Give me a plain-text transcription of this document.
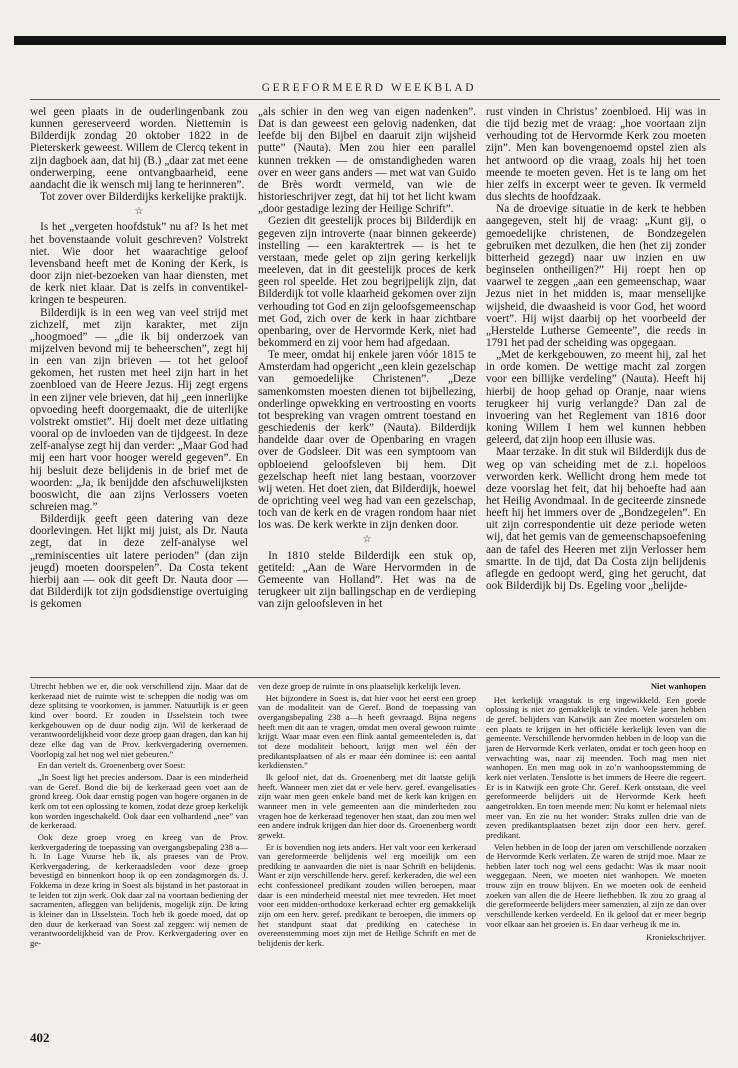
GEREFORMEERD WEEKBLAD

wel geen plaats in de ouderlingenbank zou kunnen gereserveerd worden. Niettemin is Bilderdijk zondag 20 oktober 1822 in de Pieterskerk geweest. Willem de Clercq tekent in zijn dagboek aan, dat hij (B.) „daar zat met eene onderwerping, eene ontvangbaarheid, eene aandacht die ik wensch mij lang te herinneren”.

Tot zover over Bilderdijks kerkelijke praktijk.

☆

Is het „vergeten hoofdstuk” nu af? Is het met het bovenstaande voluit geschreven? Volstrekt niet. Wie door het waarachtige geloof levensband heeft met de Koning der Kerk, is door zijn niet-bezoeken van haar diensten, met de kerk niet klaar. Dat is zelfs in conventikel-kringen te bespeuren.

Bilderdijk is in een weg van veel strijd met zichzelf, met zijn karakter, met zijn „hoogmoed” — „die ik bij onderzoek van mijzelven bevond mij te beheerschen”, zegt hij in een van zijn brieven — tot het geloof gekomen, het rusten met heel zijn hart in het zoenbloed van de Heere Jezus. Hij zegt ergens in een zijner vele brieven, dat hij „een innerlijke opvoeding heeft doorgemaakt, die de uiterlijke volstrekt omstiet”. Hij doelt met deze uitlating vooral op de invloeden van de tijdgeest. In deze zelf-analyse zegt hij dan verder: „Maar God had mij een hart voor hooger wereld gegeven”. En hij besluit deze belijdenis in de brief met de woorden: „Ja, ik benijdde den afschuwelijksten booswicht, die aan zijns Verlossers voeten schreien mag.”

Bilderdijk geeft geen datering van deze doorlevingen. Het lijkt mij juist, als Dr. Nauta zegt, dat in deze zelf-analyse wel „reminiscenties uit latere perioden” (dan zijn jeugd) moeten doorspelen”. Da Costa tekent hierbij aan — ook dit geeft Dr. Nauta door — dat Bilderdijk tot zijn godsdienstige overtuiging is gekomen

„als schier in den weg van eigen nadenken”. Dat is dan geweest een gelovig nadenken, dat leefde bij den Bijbel en daaruit zijn wijsheid putte” (Nauta). Men zou hier een parallel kunnen trekken — de omstandigheden waren over en weer gans anders — met wat van Guido de Brès wordt vermeld, van wie de historieschrijver zegt, dat hij tot het licht kwam „door gestadige lezing der Heilige Schrift”.

Gezien dit geestelijk proces bij Bilderdijk en gegeven zijn introverte (naar binnen gekeerde) instelling — een karaktertrek — is het te verstaan, mede gelet op zijn gering kerkelijk meeleven, dat in dit geestelijk proces de kerk geen rol speelde. Het zou begrijpelijk zijn, dat Bilderdijk tot volle klaarheid gekomen over zijn verhouding tot God en zijn geloofsgemeenschap met God, zich over de kerk in haar zichtbare openbaring, over de Hervormde Kerk, niet had bekommerd en zij voor hem had afgedaan.

Te meer, omdat hij enkele jaren vóór 1815 te Amsterdam had opgericht „een klein gezelschap van gemoedelijke Christenen”. „Deze samenkomsten moesten dienen tot bijbellezing, onderlinge opwekking en vertroosting en voorts tot bespreking van vragen omtrent toestand en geschiedenis der kerk” (Nauta). Bilderdijk handelde daar over de Openbaring en vragen over de Godsleer. Dit was een symptoom van opbloeiend geloofsleven bij hem. Dit gezelschap heeft niet lang bestaan, voorzover wij weten. Het doet zien, dat Bilderdijk, hoewel de oprichting veel weg had van een gezelschap, toch van de kerk en de vragen rondom haar niet los was. De kerk werkte in zijn denken door.

☆

In 1810 stelde Bilderdijk een stuk op, getiteld: „Aan de Ware Hervormden in de Gemeente van Holland”. Het was na de terugkeer uit zijn ballingschap en de verdieping van zijn geloofsleven in het

rust vinden in Christus’ zoenbloed. Hij was in die tijd bezig met de vraag: „hoe voortaan zijn verhouding tot de Hervormde Kerk zou moeten zijn”. Men kan bovengenoemd opstel zien als het antwoord op die vraag, zoals hij het toen meende te moeten geven. Het is te lang om het hier zelfs in excerpt weer te geven. Ik vermeld dus slechts de hoofdzaak.

Na de droevige situatie in de kerk te hebben aangegeven, stelt hij de vraag: „Kunt gij, o gemoedelijke christenen, de Bondzegelen gebruiken met dezulken, die hen (het zij zonder bitterheid gezegd) naar uw inzien en uw beginselen ontheiligen?” Hij roept hen op vaarwel te zeggen „aan een gemeenschap, waar Jezus niet in het midden is, maar menselijke wijsheid, die dwaasheid is voor God, het woord voert”. Hij wijst daarbij op het voorbeeld der „Herstelde Lutherse Gemeente”, die reeds in 1791 het pad der scheiding was opgegaan.

„Met de kerkgebouwen, zo meent hij, zal het in orde komen. De wettige macht zal zorgen voor een billijke verdeling” (Nauta). Heeft hij hierbij de hoop gehad op Oranje, naar wiens terugkeer hij vurig verlangde? Dan zal de invoering van het Reglement van 1816 door koning Willem I hem wel kunnen hebben geleerd, dat zijn hoop een illusie was.

Maar terzake. In dit stuk wil Bilderdijk dus de weg op van scheiding met de z.i. hopeloos verworden kerk. Wellicht drong hem mede tot deze voorslag het feit, dat hij behoefte had aan het Heilig Avondmaal. In de geciteerde zinsnede heeft hij het immers over de „Bondzegelen”. En uit zijn correspondentie uit deze periode weten wij, dat het gemis van de gemeenschapsoefening aan de tafel des Heeren met zijn Verlosser hem smartte. In de tijd, dat Da Costa zijn belijdenis aflegde en gedoopt werd, ging het gerucht, dat ook Bilderdijk bij Ds. Egeling voor „belijde-

Utrecht hebben we er, die ook verschillend zijn. Maar dat de kerkeraad niet de ruimte wist te scheppen die nodig was om deze splitsing te voorkomen, is jammer. Natuurlijk is er geen kind over boord. Er zouden in IJsselstein toch twee kerkgebouwen op de duur nodig zijn. Wil de kerkeraad de verantwoordelijkheid voor deze groep gaan dragen, dan kan hij deze elke dag van de Prov. kerkvergadering overnemen. Voorlopig zal het nog wel niet gebeuren.”

En dan vertelt ds. Groenenberg over Soest:

„In Soest ligt het precies andersom. Daar is een minderheid van de Geref. Bond die bij de kerkeraad geen voet aan de grond kreeg. Ook daar ernstig pogen van hogere organen in de kerk om tot een oplossing te komen, zodat deze groep kerkelijk kon worden ingeschakeld. Ook daar een volhardend „nee” van de kerkeraad.

Ook deze groep vroeg en kreeg van de Prov. kerkvergadering de toepassing van overgangsbepaling 238 a—h. In Lage Vuurse heb ik, als praeses van de Prov. Kerkvergadering, de kerkeraadsleden voor deze groep bevestigd en binnenkort hoop ik op een zondagmorgen ds. J. Fokkema in deze kring in Soest als bijstand in het pastoraat in te leiden tot zijn werk. Ook daar zal na voortaan bediening der sacramenten, afleggen van belijdenis, mogelijk zijn. De kring is kleiner dan in IJsselstein. Toch heb ik goede moed, dat op den duur de kerkeraad van Soest zal zeggen: wij nemen de verantwoordelijkheid van de Prov. Kerkvergadering over en ge-

ven deze groep de ruimte in ons plaatselijk kerkelijk leven.

Het bijzondere in Soest is, dat hier voor het eerst een groep van de modaliteit van de Geref. Bond de toepassing van overgangsbepaling 238 a—h heeft gevraagd. Bijna negens heeft men dit aan te vragen, omdat men overal gewoon ruimte krijgt. Waar maar even een flink aantal gemeenteleden is, dat tot deze modaliteit behoort, krijgt men wel één der predikantsplaatsen of als er maar één dominee is: een aantal kerkdiensten.”

Ik geloof niet, dat ds. Groenenberg met dit laatste gelijk heeft. Wanneer men ziet dat er vele herv. geref. evangelisaties zijn waar men geen enkele band met de kerk kan krijgen en wanneer men in vele gemeenten aan die minderheden zou vragen hoe de kerkeraad tegenover hen staat, dan zou men wel een andere indruk krijgen dan hier door ds. Groenenberg wordt gewekt.

Er is bovendien nog iets anders. Het valt voor een kerkeraad van gereformeerde belijdenis wel erg moeilijk om een prediking te aanvaarden die niet is naar Schrift en belijdenis. Want er zijn verschillende herv. geref. kerkeraden, die wel een echt confessioneel predikant zouden willen beroepen, maar daar is een minderheid meestal niet mee tevreden. Het moet voor een midden-orthodoxe kerkeraad echter erg gemakkelijk zijn om een herv. geref. predikant te beroepen, die immers op het standpunt staat dat prediking en catechese in overeenstemming moet zijn met de Heilige Schrift en met de belijdenis der kerk.

Niet wanhopen

Het kerkelijk vraagstuk is erg ingewikkeld. Een goede oplossing is niet zo gemakkelijk te vinden. Vele jaren hebben de geref. belijders van Katwijk aan Zee moeten worstelen om een plaats te krijgen in het officiële kerkelijk leven van die gemeente. Verschillende hervormden hebben in de loop van die jaren de Hervormde Kerk verlaten, omdat er toch geen hoop en verwachting was, naar zij meenden. Toch mag men niet wanhopen. En men mag ook in zo’n wanhoopsstemming de kerk niet verlaten. Tenslotte is het immers de Heere die regeert. Er is in Katwijk een grote Chr. Geref. Kerk ontstaan, die veel gereformeerde belijders uit de Hervormde Kerk heeft aangetrokken. En toen meende men: Nu komt er helemaal niets meer van. En zie nu het wonder: Straks zullen drie van de zeven predikantsplaatsen bezet zijn door een herv. geref. predikant.

Velen hebben in de loop der jaren om verschillende oorzaken de Hervormde Kerk verlaten. Ze waren de strijd moe. Maar ze hebben later toch nog wel eens gedacht: Was ik maar nooit weggegaan. Neen, we moeten niet wanhopen. We moeten trouw zijn en trouw blijven. En we moeten ook de eenheid zoeken van allen die de Heere liefhebben. Ik zou zo graag al die gereformeerde belijders meer samenzien, al zijn ze dan over verschillende kerken verdeeld. En ik geloof dat er meer begrip voor elkaar aan het groeien is. En daar verheug ik me in.

Kroniekschrijver.

402
